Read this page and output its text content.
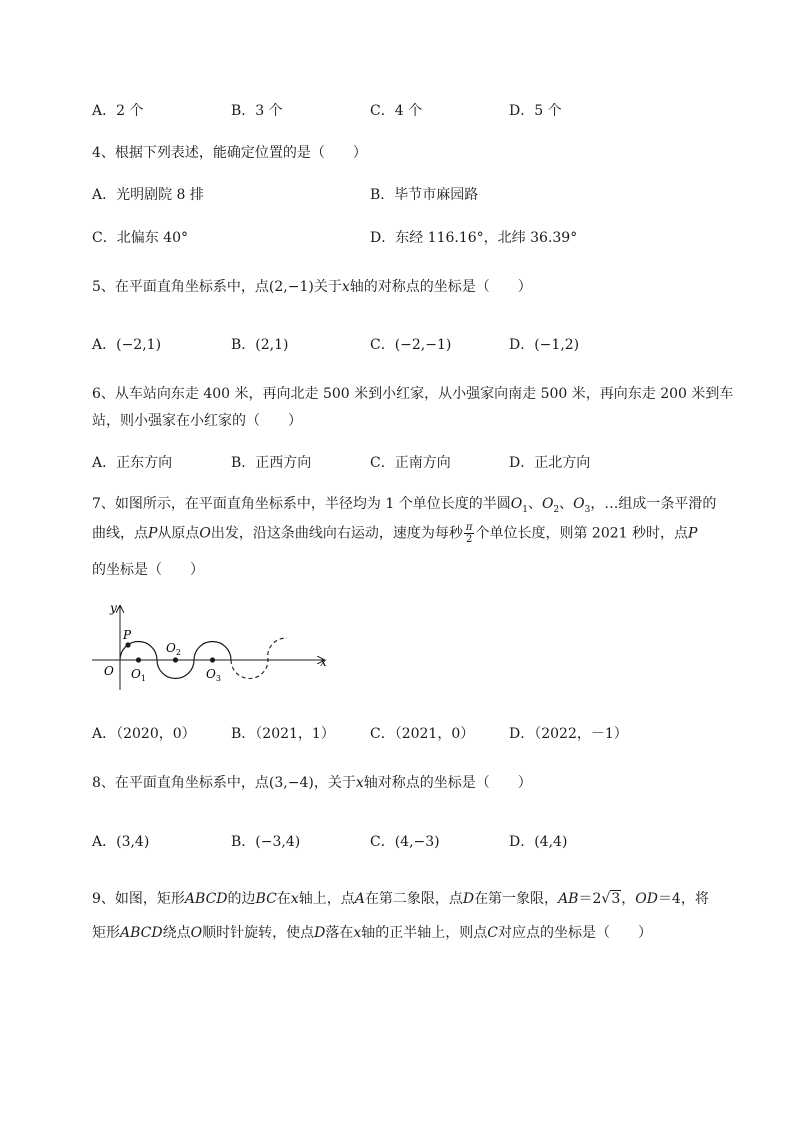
A．2 个	B．3 个	C．4 个	D．5 个
4、根据下列表述，能确定位置的是（　　）
A．光明剧院 8 排	B．毕节市麻园路
C．北偏东 40°	D．东经 116.16°，北纬 36.39°
5、在平面直角坐标系中，点(2,−1)关于x轴的对称点的坐标是（　　）
A．(−2,1)	B．(2,1)	C．(−2,−1)	D．(−1,2)
6、从车站向东走 400 米，再向北走 500 米到小红家，从小强家向南走 500 米，再向东走 200 米到车
站，则小强家在小红家的（　　）
A．正东方向	B．正西方向	C．正南方向	D．正北方向
7、如图所示，在平面直角坐标系中，半径均为 1 个单位长度的半圆$O_1$、$O_2$、$O_3$，…组成一条平滑的
曲线，点P从原点O出发，沿这条曲线向右运动，速度为每秒 $\frac{\pi}{2}$ 个单位长度，则第 2021 秒时，点P
的坐标是（　　）
y
x
O
P
$O_1$
$O_2$
$O_3$
A．（2020，0）	B．（2021，1）	C．（2021，0） D．（2022，－1）
8、在平面直角坐标系中，点(3,−4)，关于x轴对称点的坐标是（　　）
A．(3,4)	B．(−3,4)	C．(4,−3)	D．(4,4)
9、如图，矩形ABCD的边BC在x轴上，点A在第二象限，点D在第一象限，AB＝2√3，OD＝4，将
矩形ABCD绕点O顺时针旋转，使点D落在x轴的正半轴上，则点C对应点的坐标是（　　）
